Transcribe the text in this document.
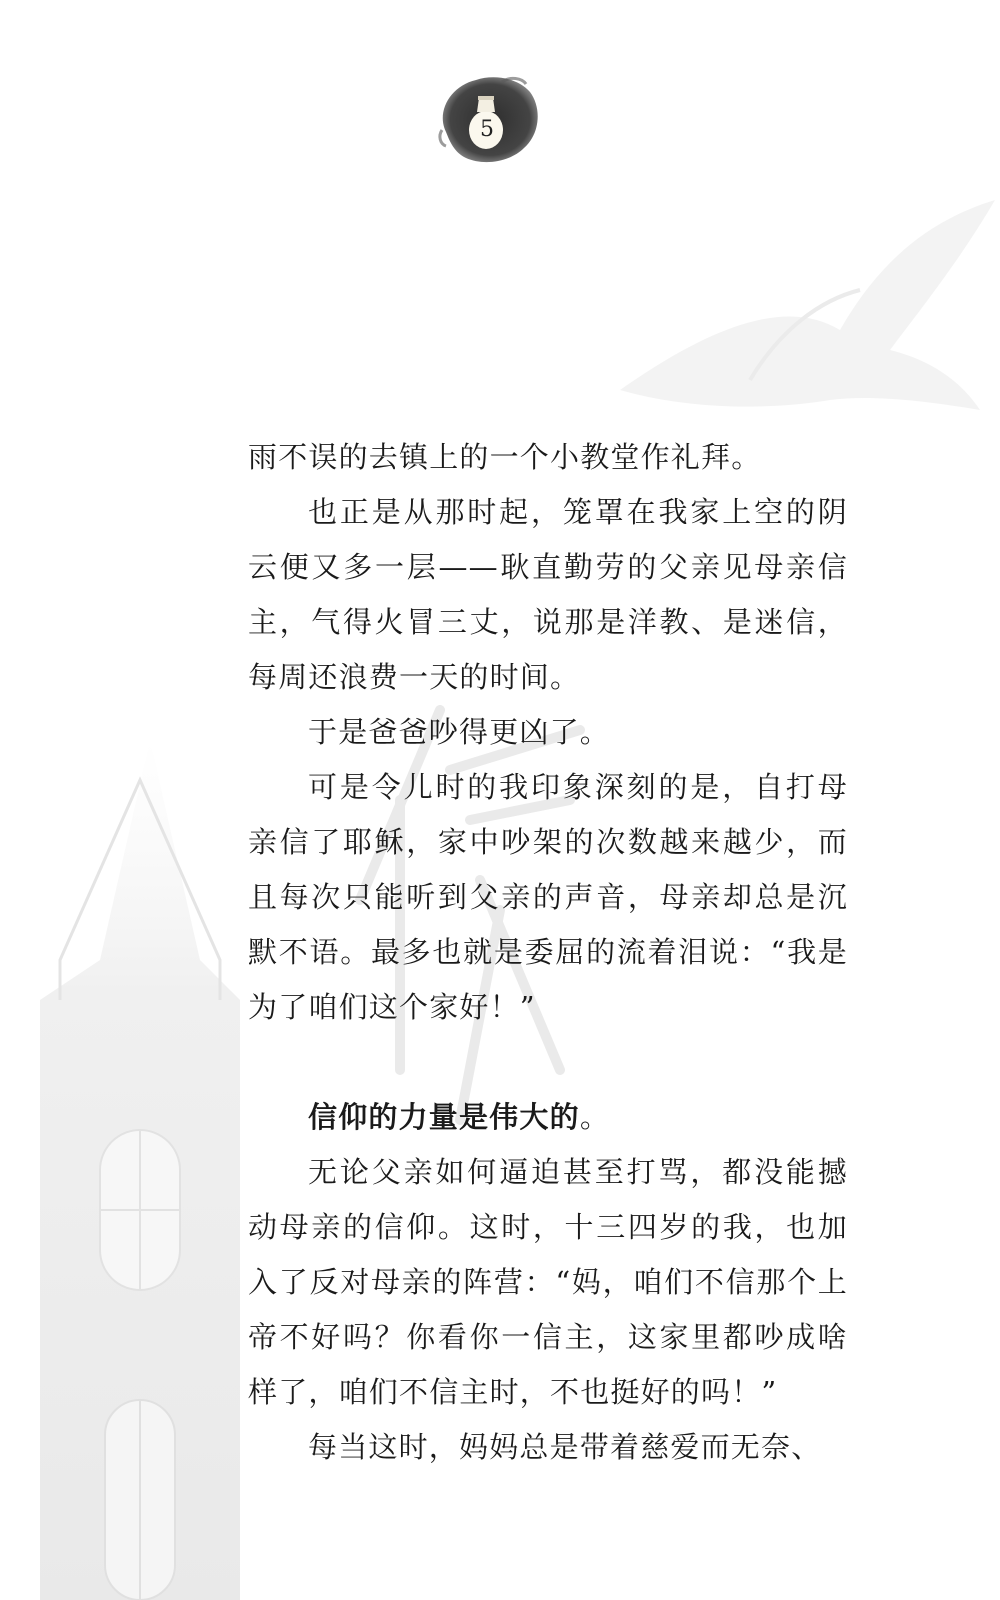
5

雨不误的去镇上的一个小教堂作礼拜。

也正是从那时起，笼罩在我家上空的阴云便又多一层——耿直勤劳的父亲见母亲信主，气得火冒三丈，说那是洋教、是迷信，每周还浪费一天的时间。

于是爸爸吵得更凶了。

可是令儿时的我印象深刻的是，自打母亲信了耶稣，家中吵架的次数越来越少，而且每次只能听到父亲的声音，母亲却总是沉默不语。最多也就是委屈的流着泪说：“我是为了咱们这个家好！”

信仰的力量是伟大的。

无论父亲如何逼迫甚至打骂，都没能撼动母亲的信仰。这时，十三四岁的我，也加入了反对母亲的阵营：“妈，咱们不信那个上帝不好吗？你看你一信主，这家里都吵成啥样了，咱们不信主时，不也挺好的吗！”

每当这时，妈妈总是带着慈爱而无奈、
